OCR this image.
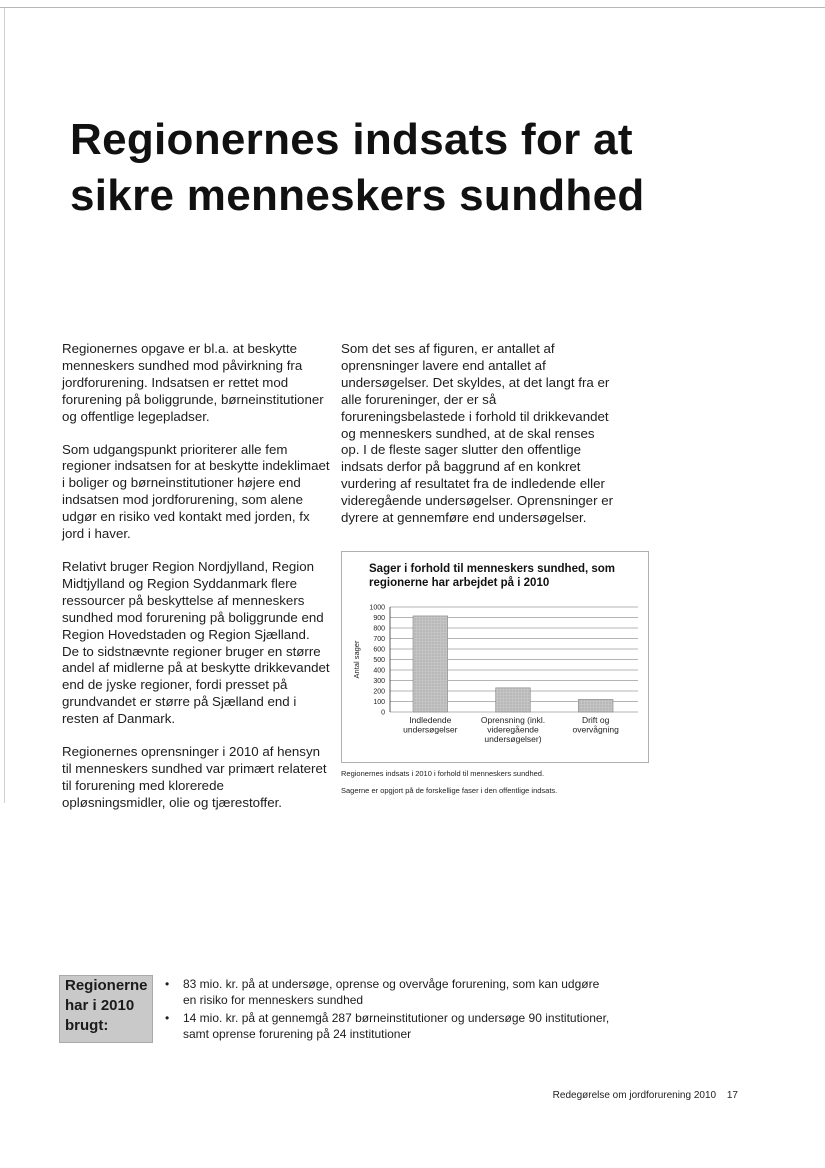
Regionernes indsats for at
sikre menneskers sundhed

Regionernes opgave er bl.a. at beskytte menneskers sundhed mod påvirkning fra jordforurening. Indsatsen er rettet mod forurening på boliggrunde, børneinstitutioner og offentlige legepladser.

Som udgangspunkt prioriterer alle fem regioner indsatsen for at beskytte indeklimaet i boliger og børneinstitutioner højere end indsatsen mod jordforurening, som alene udgør en risiko ved kontakt med jorden, fx jord i haver.

Relativt bruger Region Nordjylland, Region Midtjylland og Region Syddanmark flere ressourcer på beskyttelse af menneskers sundhed mod forurening på boliggrunde end Region Hovedstaden og Region Sjælland. De to sidstnævnte regioner bruger en større andel af midlerne på at beskytte drikkevandet end de jyske regioner, fordi presset på grundvandet er større på Sjælland end i resten af Danmark.

Regionernes oprensninger i 2010 af hensyn til menneskers sundhed var primært relateret til forurening med klorerede opløsningsmidler, olie og tjærestoffer.

Som det ses af figuren, er antallet af oprensninger lavere end antallet af undersøgelser. Det skyldes, at det langt fra er alle forureninger, der er så forureningsbelastede i forhold til drikkevandet og menneskers sundhed, at de skal renses op. I de fleste sager slutter den offentlige indsats derfor på baggrund af en konkret vurdering af resultatet fra de indledende eller videregående undersøgelser. Oprensninger er dyrere at gennemføre end undersøgelser.

Sager i forhold til menneskers sundhed, som regionerne har arbejdet på i 2010

1000
900
800
700
600
500
400
300
200
100
0
Antal sager
Indledende
undersøgelser
Oprensning (inkl.
videregående
undersøgelser)
Drift og
overvågning
Regionernes indsats i 2010 i forhold til menneskers sundhed.
Sagerne er opgjort på de forskellige faser i den offentlige indsats.
Regionerne
har i 2010
brugt:
• 83 mio. kr. på at undersøge, oprense og overvåge forurening, som kan udgøre en risiko for menneskers sundhed
• 14 mio. kr. på at gennemgå 287 børneinstitutioner og undersøge 90 institutioner, samt oprense forurening på 24 institutioner
Redegørelse om jordforurening 2010 17
